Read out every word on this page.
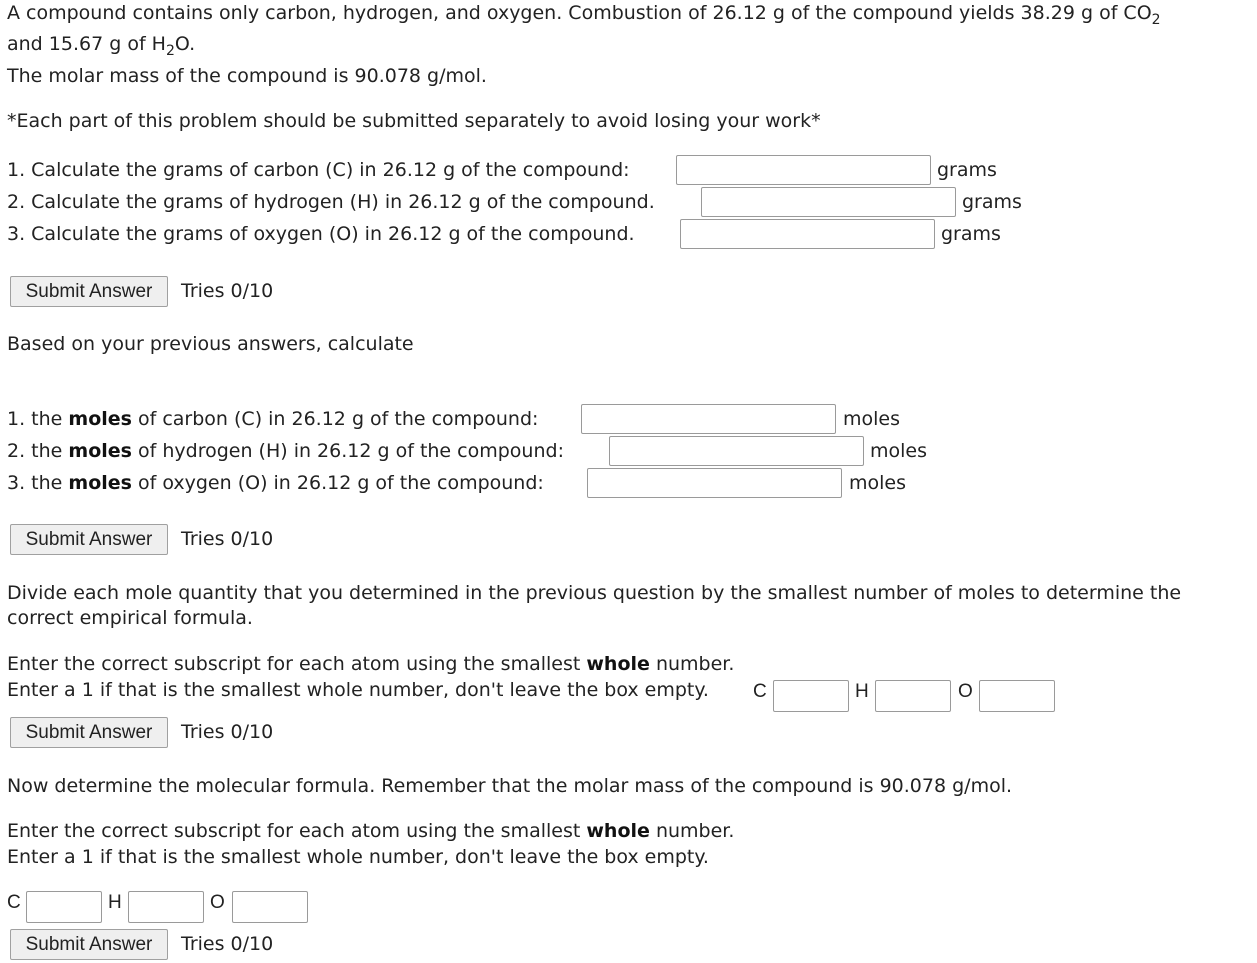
A compound contains only carbon, hydrogen, and oxygen. Combustion of 26.12 g of the compound yields 38.29 g of $CO_2$
and 15.67 g of $H_2O$.
The molar mass of the compound is 90.078 g/mol.
*Each part of this problem should be submitted separately to avoid losing your work*
1. Calculate the grams of carbon (C) in 26.12 g of the compound:	grams
2. Calculate the grams of hydrogen (H) in 26.12 g of the compound.	grams
3. Calculate the grams of oxygen (O) in 26.12 g of the compound.	grams
Submit Answer	Tries 0/10
Based on your previous answers, calculate
1. the moles of carbon (C) in 26.12 g of the compound:	moles
2. the moles of hydrogen (H) in 26.12 g of the compound:	moles
3. the moles of oxygen (O) in 26.12 g of the compound:	moles
Submit Answer	Tries 0/10
Divide each mole quantity that you determined in the previous question by the smallest number of moles to determine the
correct empirical formula.
Enter the correct subscript for each atom using the smallest whole number.
Enter a 1 if that is the smallest whole number, don't leave the box empty. C	H	O
Submit Answer	Tries 0/10
Now determine the molecular formula. Remember that the molar mass of the compound is 90.078 g/mol.
Enter the correct subscript for each atom using the smallest whole number.
Enter a 1 if that is the smallest whole number, don't leave the box empty.
C	H	O
Submit Answer	Tries 0/10
